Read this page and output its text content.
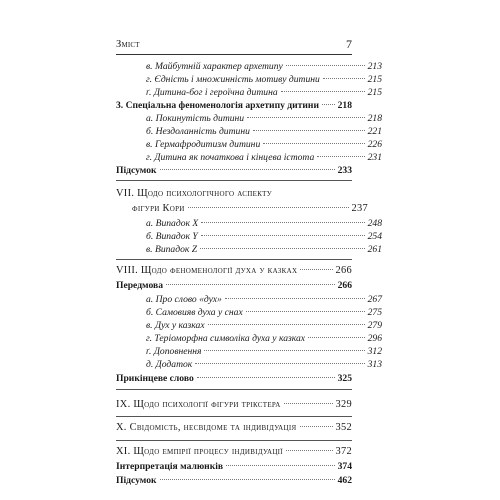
Зміст	7
в. Майбутній характер архетипу	213
г. Єдність і множинність мотиву дитини	215
ґ. Дитина-бог і героїчна дитина	215
3. Спеціальна феноменологія архетипу дитини 218
а. Покинутість дитини	218
б. Нездоланність дитини	221
в. Гермафродитизм дитини	226
г. Дитина як початкова і кінцева істота	231
Підсумок	233
VII. Щодо психологічного аспекту
фігури Кори	237
а. Випадок X	248
б. Випадок Y	254
в. Випадок Z	261
VIII. Щодо феноменології духа у казках	266
Передмова	266
а. Про слово «дух»	267
б. Самовияв духа у снах	275
в. Дух у казках	279
г. Теріоморфна символіка духа у казках	296
ґ. Доповнення	312
д. Додаток	313
Прикінцеве слово	325
IX. Щодо психології фігури трікстера	329
X. Свідомість, несвідоме та індивідуація	352
XI. Щодо емпірії процесу індивідуації	372
Інтерпретація малюнків	374
Підсумок	462
